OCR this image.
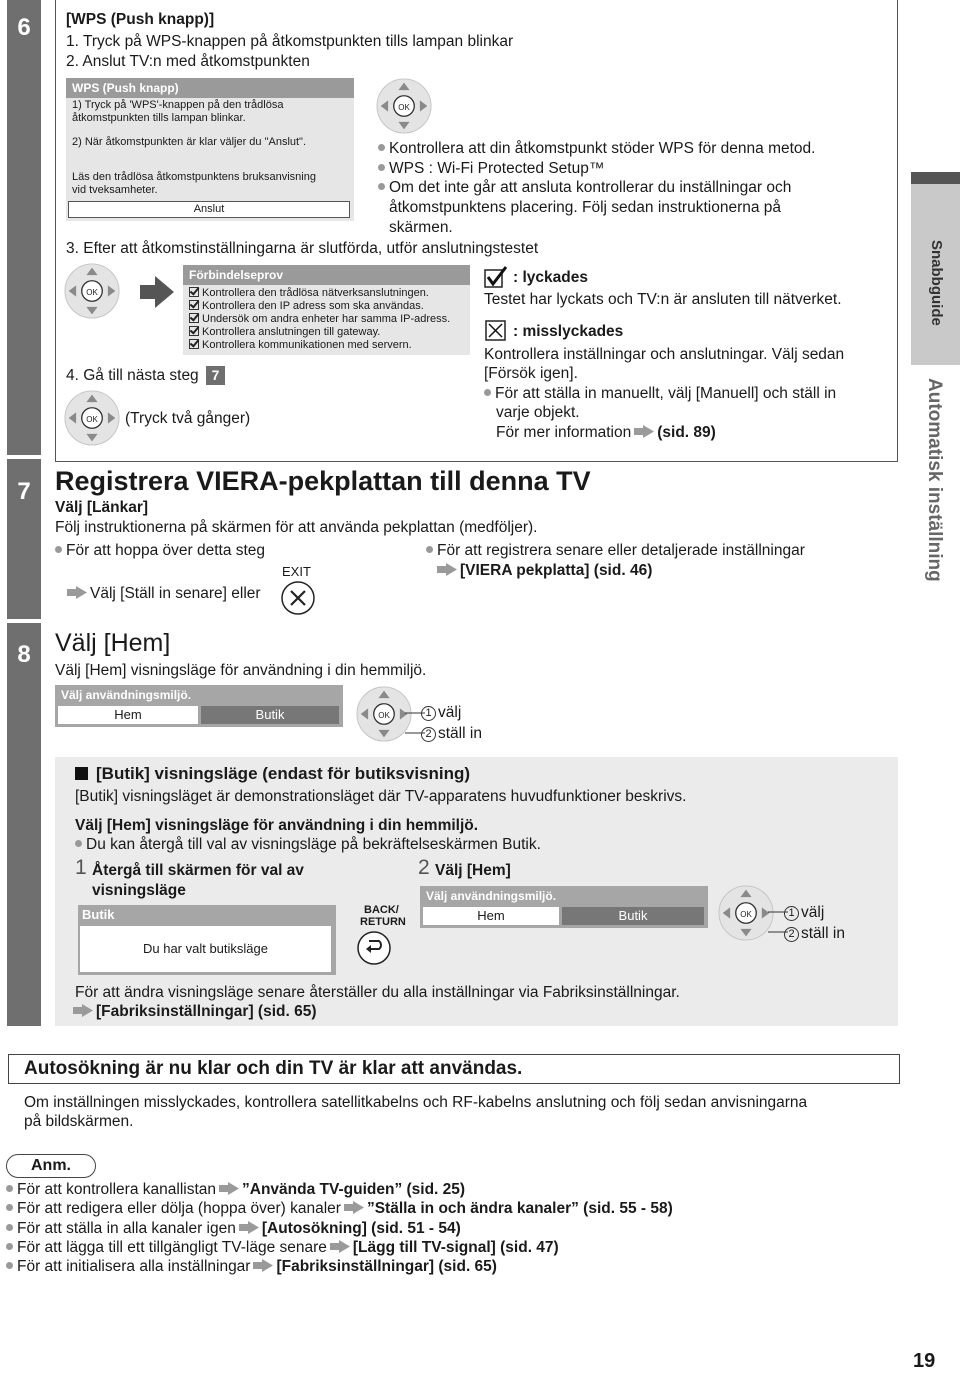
6
7
8
[WPS (Push knapp)]
1. Tryck på WPS-knappen på åtkomstpunkten tills lampan blinkar
2. Anslut TV:n med åtkomstpunkten
WPS (Push knapp)
1) Tryck på 'WPS'-knappen på den trådlösa
åtkomstpunkten tills lampan blinkar.
2) När åtkomstpunkten är klar väljer du "Anslut".
Läs den trådlösa åtkomstpunktens bruksanvisning
vid tveksamheter.
Anslut
OK
Kontrollera att din åtkomstpunkt stöder WPS för denna metod.
WPS : Wi-Fi Protected Setup™
Om det inte går att ansluta kontrollerar du inställningar och
åtkomstpunktens placering. Följ sedan instruktionerna på
skärmen.
3. Efter att åtkomstinställningarna är slutförda, utför anslutningstestet
OK
Förbindelseprov
Kontrollera den trådlösa nätverksanslutningen.
Kontrollera den IP adress som ska användas.
Undersök om andra enheter har samma IP-adress.
Kontrollera anslutningen till gateway.
Kontrollera kommunikationen med servern.
4. Gå till nästa steg 7
OK (Tryck två gånger)
: lyckades
Testet har lyckats och TV:n är ansluten till nätverket.
: misslyckades
Kontrollera inställningar och anslutningar. Välj sedan
[Försök igen].
För att ställa in manuellt, välj [Manuell] och ställ in
varje objekt.
För mer information (sid. 89)
Registrera VIERA-pekplattan till denna TV
Välj [Länkar]
Följ instruktionerna på skärmen för att använda pekplattan (medföljer).
För att hoppa över detta steg
EXIT
Välj [Ställ in senare] eller
För att registrera senare eller detaljerade inställningar
[VIERA pekplatta] (sid. 46)
Välj [Hem]
Välj [Hem] visningsläge för användning i din hemmiljö.
Välj användningsmiljö.
Hem	Butik	OK	1 välj
2 ställ in
[Butik] visningsläge (endast för butiksvisning)
[Butik] visningsläget är demonstrationsläget där TV-apparatens huvudfunktioner beskrivs.
Välj [Hem] visningsläge för användning i din hemmiljö.
Du kan återgå till val av visningsläge på bekräftelseskärmen Butik.
1 Återgå till skärmen för val av
visningsläge
Butik
Du har valt butiksläge
BACK/
RETURN
2 Välj [Hem]
Välj användningsmiljö.
Hem	Butik	OK	1 välj
2 ställ in
För att ändra visningsläge senare återställer du alla inställningar via Fabriksinställningar.
[Fabriksinställningar] (sid. 65)
Snabbguide
Automatisk inställning
Autosökning är nu klar och din TV är klar att användas.
Om inställningen misslyckades, kontrollera satellitkabelns och RF-kabelns anslutning och följ sedan anvisningarna
på bildskärmen.
Anm.
För att kontrollera kanallistan ”Använda TV-guiden” (sid. 25)
För att redigera eller dölja (hoppa över) kanaler ”Ställa in och ändra kanaler” (sid. 55 - 58)
För att ställa in alla kanaler igen [Autosökning] (sid. 51 - 54)
För att lägga till ett tillgängligt TV-läge senare [Lägg till TV-signal] (sid. 47)
För att initialisera alla inställningar [Fabriksinställningar] (sid. 65)
19
